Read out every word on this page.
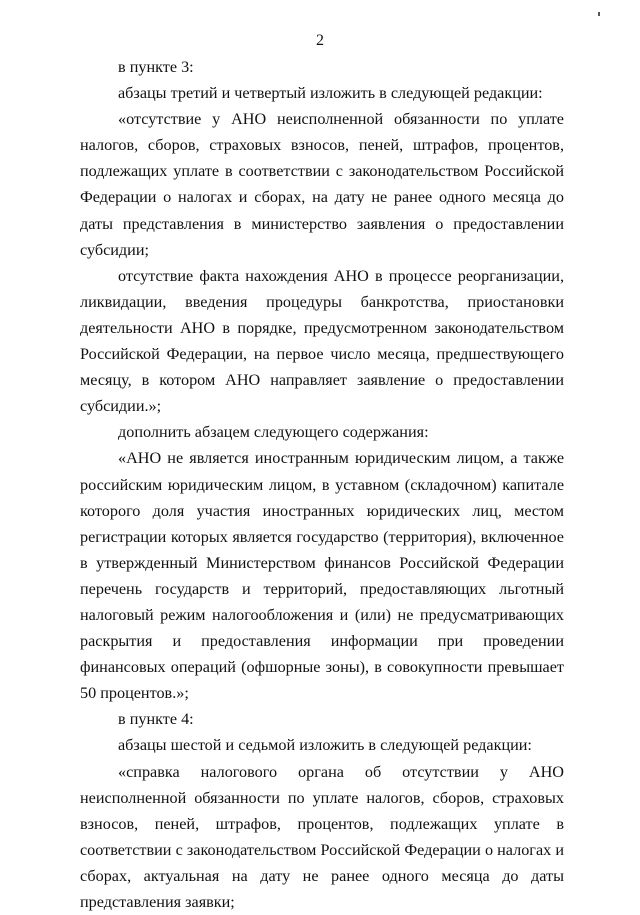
2

в пункте 3:

абзацы третий и четвертый изложить в следующей редакции:

«отсутствие у АНО неисполненной обязанности по уплате налогов, сборов, страховых взносов, пеней, штрафов, процентов, подлежащих уплате в соответствии с законодательством Российской Федерации о налогах и сборах, на дату не ранее одного месяца до даты представления в министерство заявления о предоставлении субсидии;

отсутствие факта нахождения АНО в процессе реорганизации, ликвидации, введения процедуры банкротства, приостановки деятельности АНО в порядке, предусмотренном законодательством Российской Федерации, на первое число месяца, предшествующего месяцу, в котором АНО направляет заявление о предоставлении субсидии.»;

дополнить абзацем следующего содержания:

«АНО не является иностранным юридическим лицом, а также российским юридическим лицом, в уставном (складочном) капитале которого доля участия иностранных юридических лиц, местом регистрации которых является государство (территория), включенное в утвержденный Министерством финансов Российской Федерации перечень государств и территорий, предоставляющих льготный налоговый режим налогообложения и (или) не предусматривающих раскрытия и предоставления информации при проведении финансовых операций (офшорные зоны), в совокупности превышает 50 процентов.»;

в пункте 4:

абзацы шестой и седьмой изложить в следующей редакции:

«справка налогового органа об отсутствии у АНО неисполненной обязанности по уплате налогов, сборов, страховых взносов, пеней, штрафов, процентов, подлежащих уплате в соответствии с законодательством Российской Федерации о налогах и сборах, актуальная на дату не ранее одного месяца до даты представления заявки;
